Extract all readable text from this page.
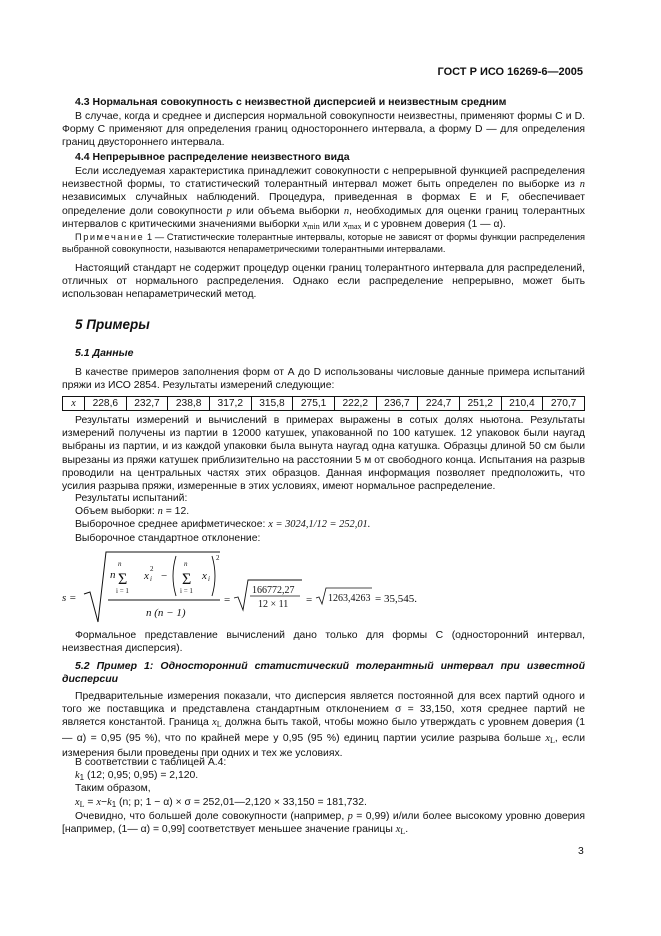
ГОСТ Р ИСО 16269-6—2005
4.3 Нормальная совокупность с неизвестной дисперсией и неизвестным средним
В случае, когда и среднее и дисперсия нормальной совокупности неизвестны, применяют формы С и D. Форму С применяют для определения границ одностороннего интервала, а форму D — для определения границ двустороннего интервала.
4.4 Непрерывное распределение неизвестного вида
Если исследуемая характеристика принадлежит совокупности с непрерывной функцией распределения неизвестной формы, то статистический толерантный интервал может быть определен по выборке из n независимых случайных наблюдений. Процедура, приведенная в формах Е и F, обеспечивает определение доли совокупности p или объема выборки n, необходимых для оценки границ толерантных интервалов с критическими значениями выборки $x_{min}$ или $x_{max}$ и с уровнем доверия (1 — α).
Примечание 1 — Статистические толерантные интервалы, которые не зависят от формы функции распределения выбранной совокупности, называются непараметрическими толерантными интервалами.
Настоящий стандарт не содержит процедур оценки границ толерантного интервала для распределений, отличных от нормального распределения. Однако если распределение непрерывно, может быть использован непараметрический метод.
5 Примеры
5.1 Данные
В качестве примеров заполнения форм от А до D использованы числовые данные примера испытаний пряжи из ИСО 2854. Результаты измерений следующие:
x	228,6	232,7	238,8	317,2	315,8	275,1	222,2	236,7	224,7	251,2	210,4	270,7
Результаты измерений и вычислений в примерах выражены в сотых долях ньютона. Результаты измерений получены из партии в 12000 катушек, упакованной по 100 катушек. 12 упаковок были наугад выбраны из партии, и из каждой упаковки была вынута наугад одна катушка. Образцы длиной 50 см были вырезаны из пряжи катушек приблизительно на расстоянии 5 м от свободного конца. Испытания на разрыв проводили на центральных частях этих образцов. Данная информация позволяет предположить, что усилия разрыва пряжи, измеренные в этих условиях, имеют нормальное распределение.
Результаты испытаний:
Объем выборки: n = 12.
Выборочное среднее арифметическое: x = 3024,1/12 = 252,01.
Выборочное стандартное отклонение:
s =
n
n
Σ
i = 1
x i
2
−
n
Σ
i = 1
x i
2
n (n − 1)
=
166772,27
12 × 11 = 1263,4263 = 35,545.
Формальное представление вычислений дано только для формы С (односторонний интервал, неизвестная дисперсия).
5.2 Пример 1: Односторонний статистический толерантный интервал при известной дисперсии
Предварительные измерения показали, что дисперсия является постоянной для всех партий одного и того же поставщика и представлена стандартным отклонением σ = 33,150, хотя среднее партий не является константой. Граница $x_L$ должна быть такой, чтобы можно было утверждать с уровнем доверия (1 — α) = 0,95 (95 %), что по крайней мере у 0,95 (95 %) единиц партии усилие разрыва больше $x_L$, если измерения были проведены при одних и тех же условиях.
В соответствии с таблицей А.4:
$k_1$ (12; 0,95; 0,95) = 2,120.
Таким образом,
$x_L = x-k_1$ (n; p; 1 − α) × σ = 252,01—2,120 × 33,150 = 181,732.
Очевидно, что большей доле совокупности (например, p = 0,99) и/или более высокому уровню доверия [например, (1— α) = 0,99] соответствует меньшее значение границы $x_L$.
3
